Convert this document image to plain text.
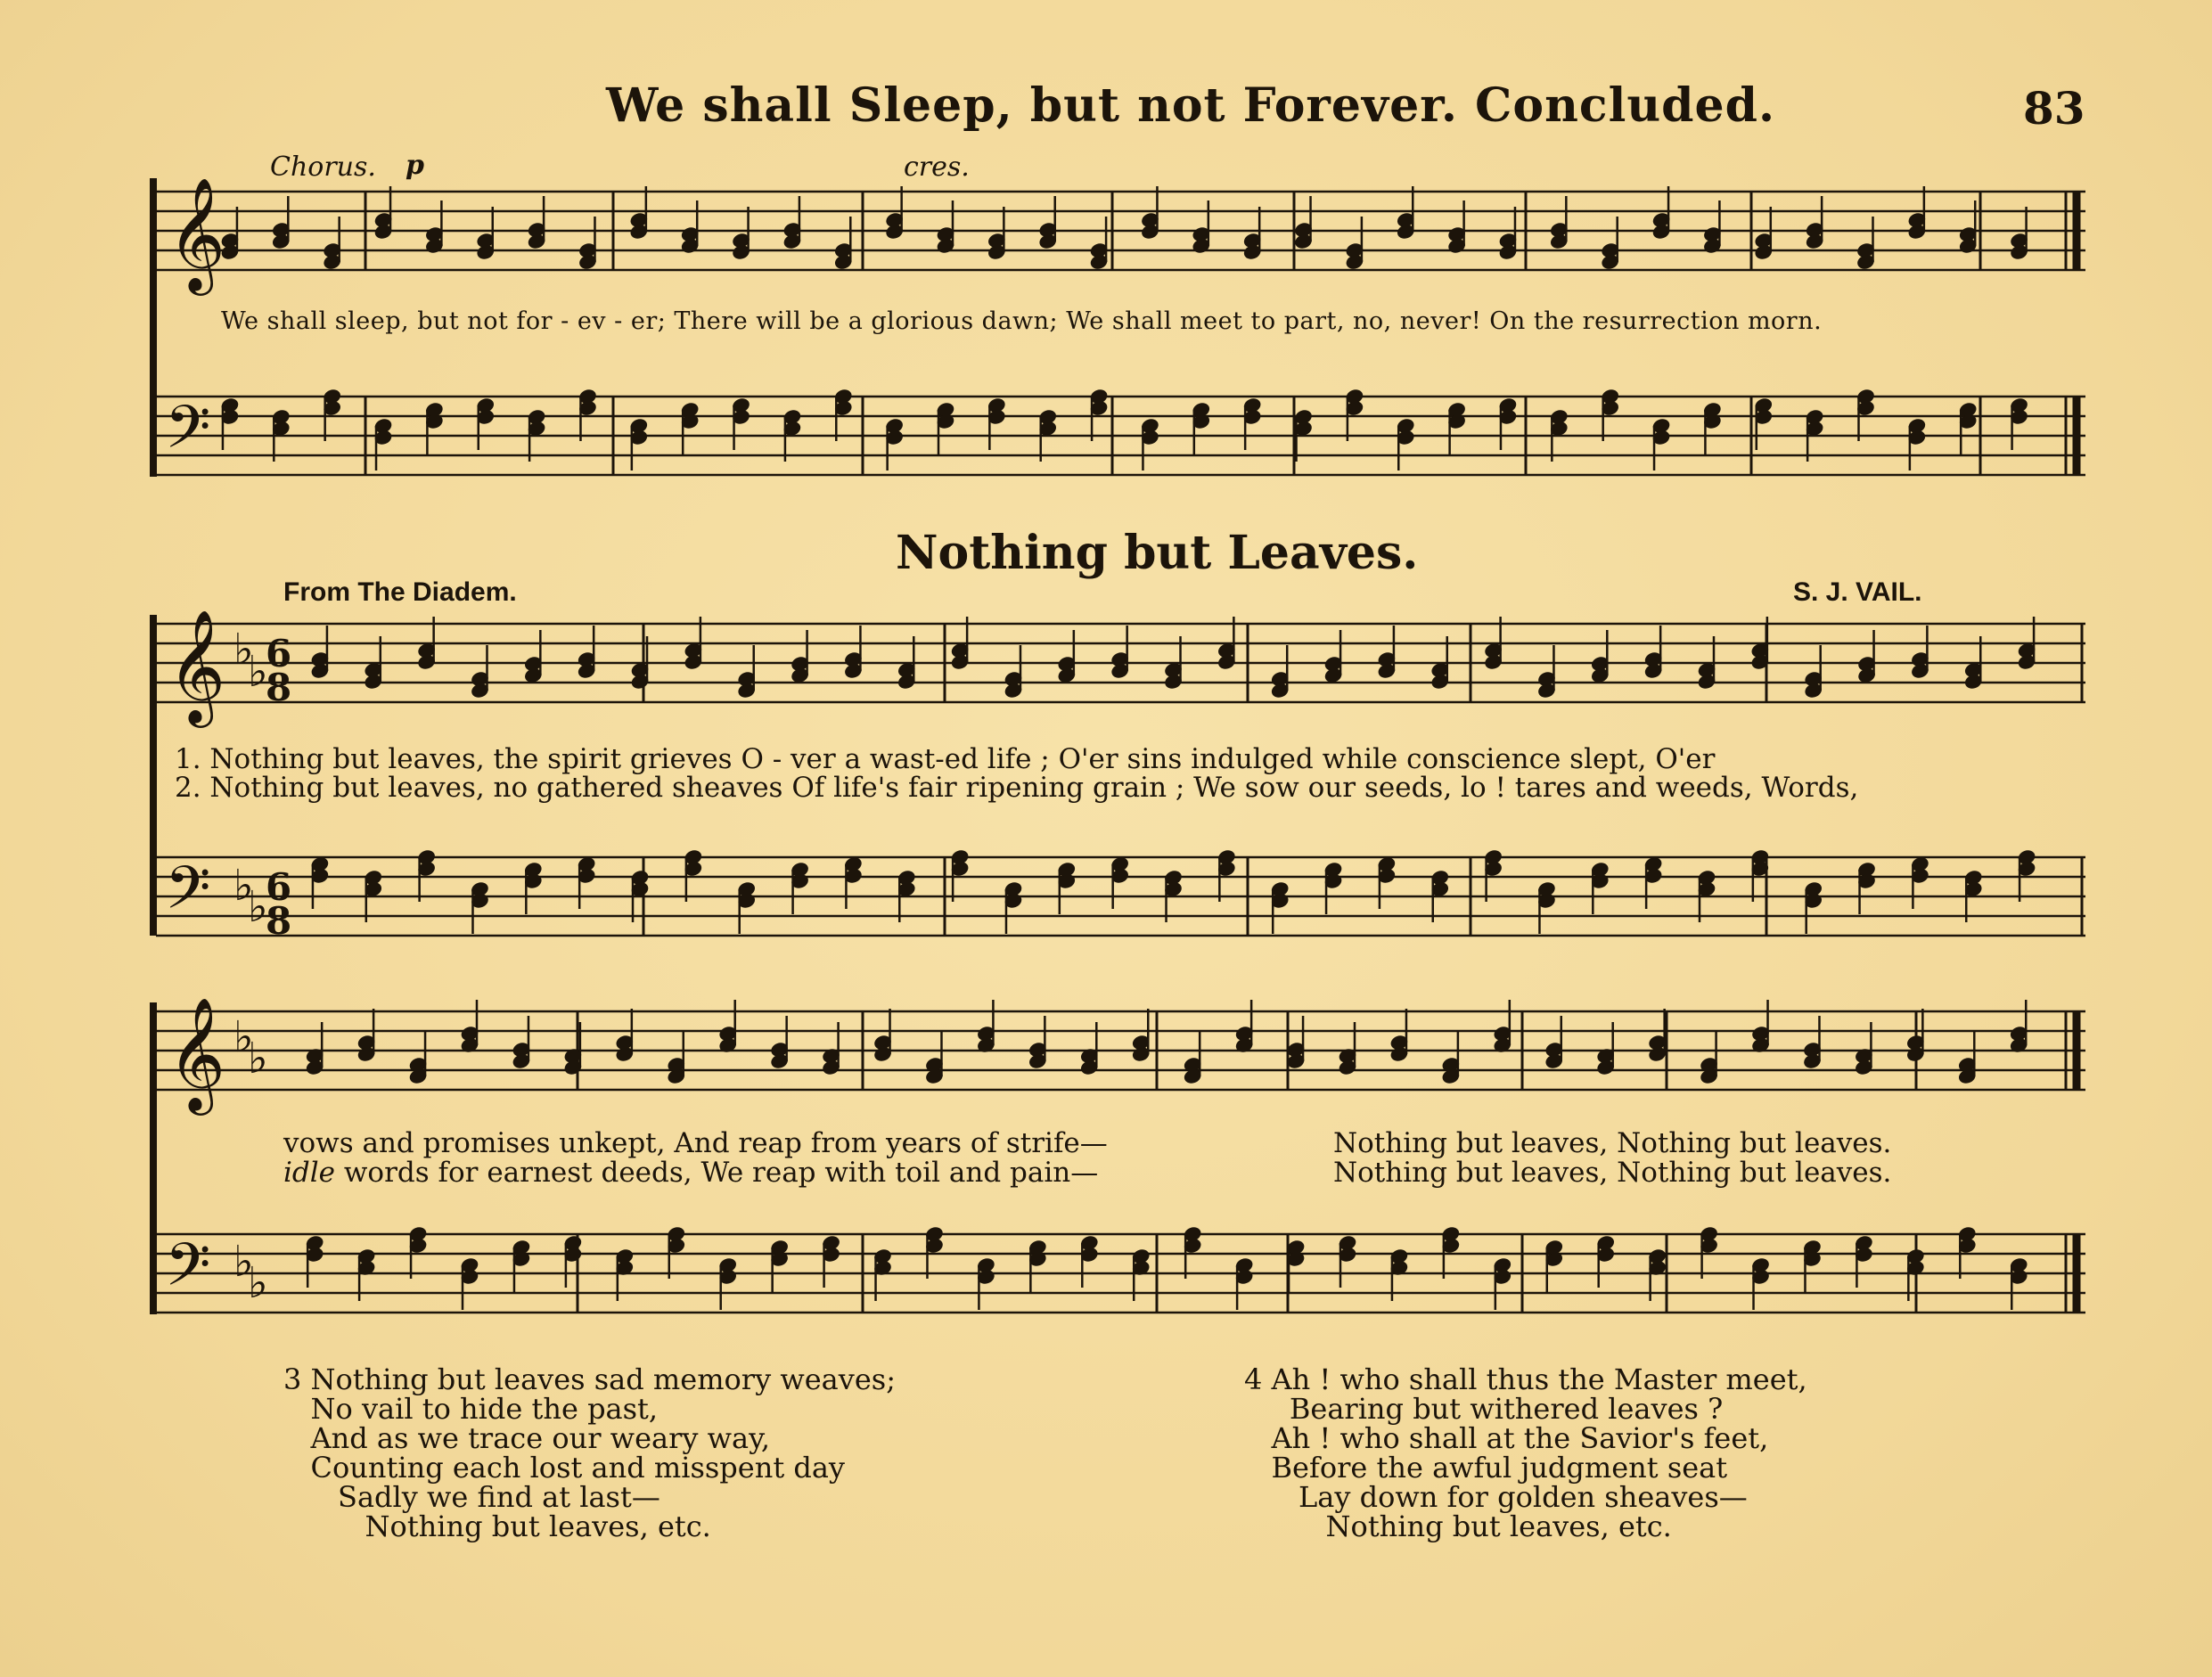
We shall Sleep, but not Forever. Concluded.	83
Chorus. p	cres.
We shall sleep, but not for - ev - er; There will be a glorious dawn; We shall meet to part, no, never! On the resurrection morn.
Nothing but Leaves.
From The Diadem.	S. J. VAIL.
1. Nothing but leaves, the spirit grieves O - ver a wast-ed life ; O'er sins indulged while conscience slept, O'er
2. Nothing but leaves, no gathered sheaves Of life's fair ripening grain ; We sow our seeds, lo ! tares and weeds, Words,
vows and promises unkept, And reap from years of strife—	Nothing but leaves, Nothing but leaves.
idle words for earnest deeds, We reap with toil and pain—	Nothing but leaves, Nothing but leaves.
3 Nothing but leaves sad memory weaves;
No vail to hide the past,
And as we trace our weary way,
Counting each lost and misspent day
Sadly we find at last—
Nothing but leaves, etc.
4 Ah ! who shall thus the Master meet,
Bearing but withered leaves ?
Ah ! who shall at the Savior's feet,
Before the awful judgment seat
Lay down for golden sheaves—
Nothing but leaves, etc.
𝄞
𝄢
𝄞
𝄢
♭
♭
♭
♭
6
8
6
8
𝄞
𝄢
♭
♭
♭
♭
